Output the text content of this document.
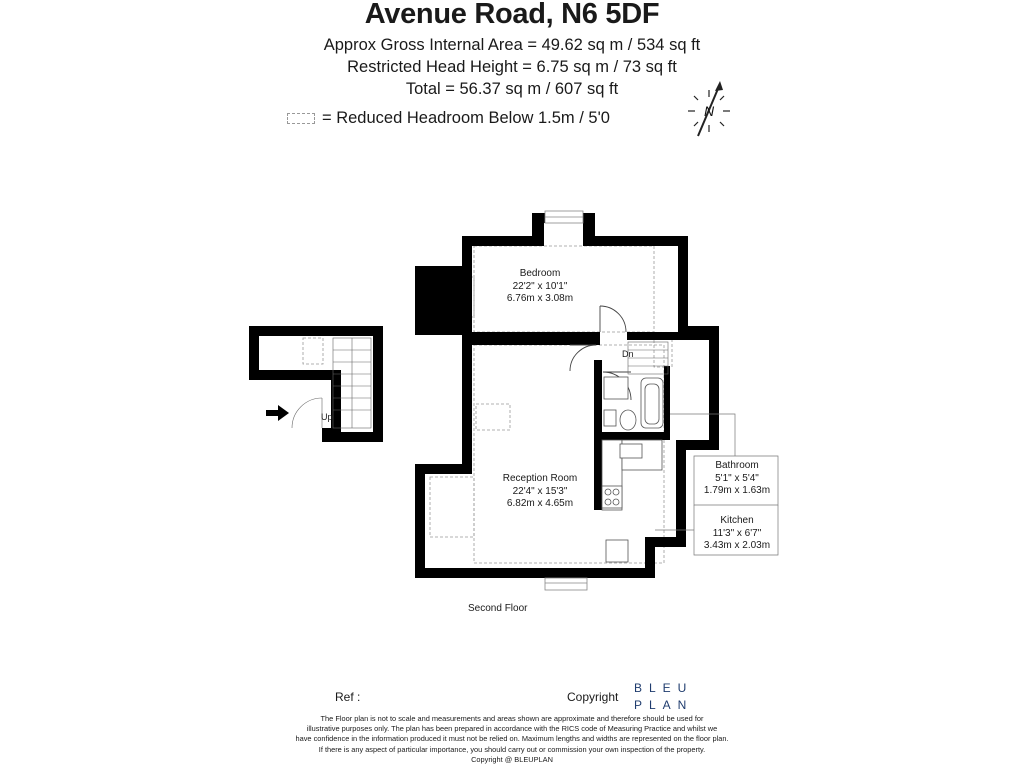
Avenue Road, N6 5DF
Approx Gross Internal Area = 49.62 sq m / 534 sq ft
Restricted Head Height = 6.75 sq m / 73 sq ft
Total = 56.37 sq m / 607 sq ft
= Reduced Headroom Below 1.5m / 5'0	N
Bedroom
22'2" x 10'1"
6.76m x 3.08m
Reception Room
22'4" x 15'3"
6.82m x 4.65m
Bathroom
5'1" x 5'4"
1.79m x 1.63m
Kitchen
11'3" x 6'7"
3.43m x 2.03m
Dn
Up
Second Floor
Ref :	Copyright
BLEU
PLAN
The Floor plan is not to scale and measurements and areas shown are approximate and therefore should be used for
illustrative purposes only. The plan has been prepared in accordance with the RICS code of Measuring Practice and whilst we
have confidence in the information produced it must not be relied on. Maximum lengths and widths are represented on the floor plan.
If there is any aspect of particular importance, you should carry out or commission your own inspection of the property.
Copyright @ BLEUPLAN
